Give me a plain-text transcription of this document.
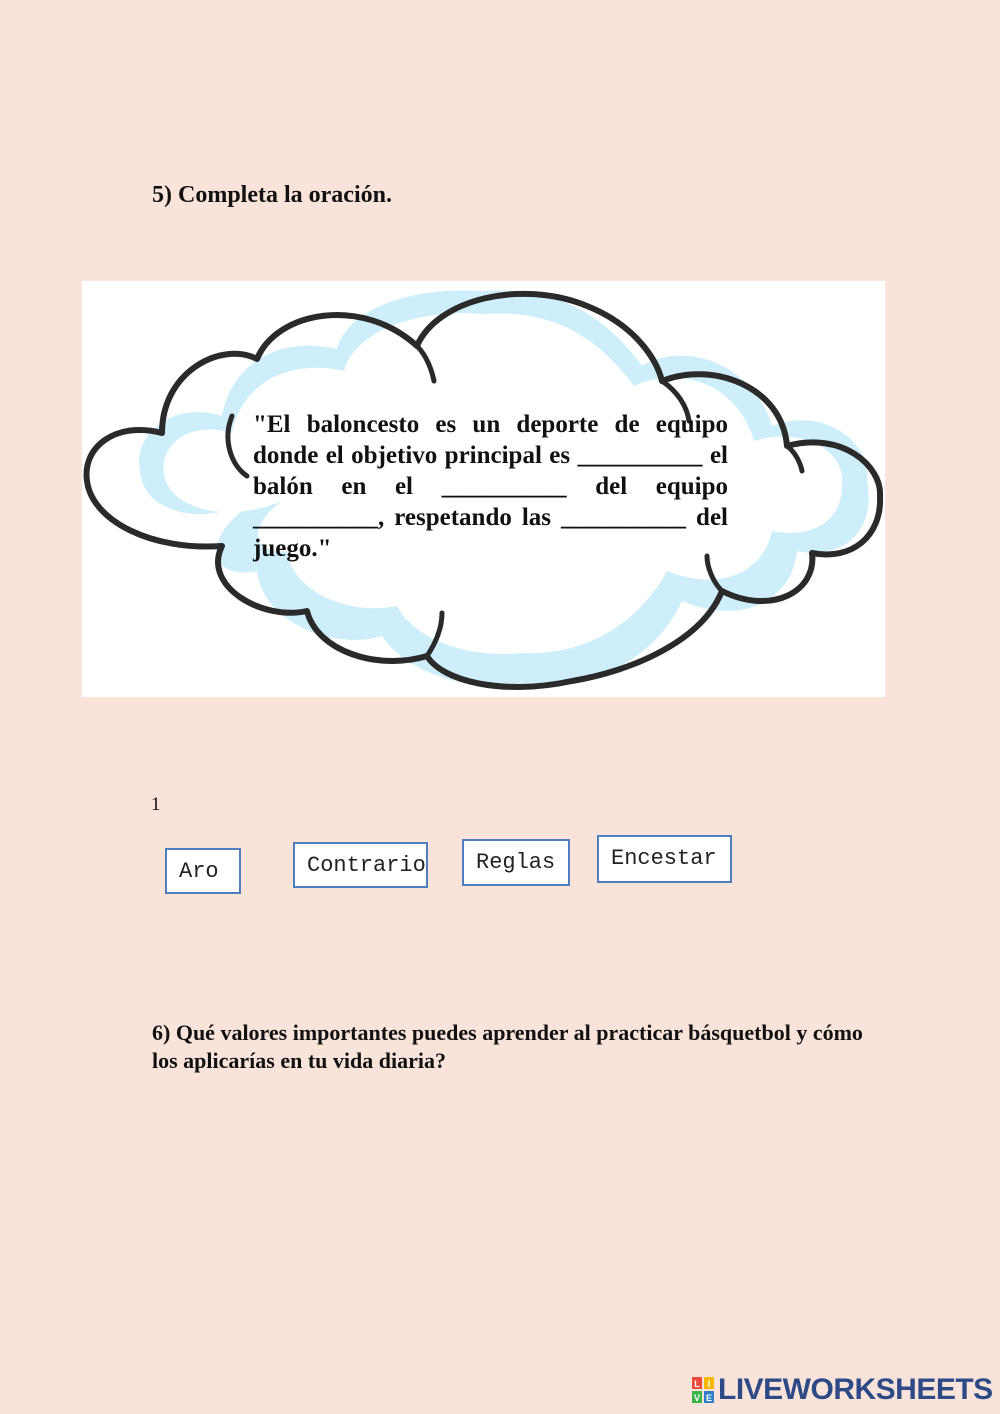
5) Completa la oración.

"El baloncesto es un deporte de equipo donde el objetivo principal es __________ el balón en el __________ del equipo __________, respetando las __________ del juego."

1
Aro	Contrario	Reglas	Encestar

6) Qué valores importantes puedes aprender al practicar básquetbol y cómo los aplicarías en tu vida diaria?

L I
V E LIVEWORKSHEETS
